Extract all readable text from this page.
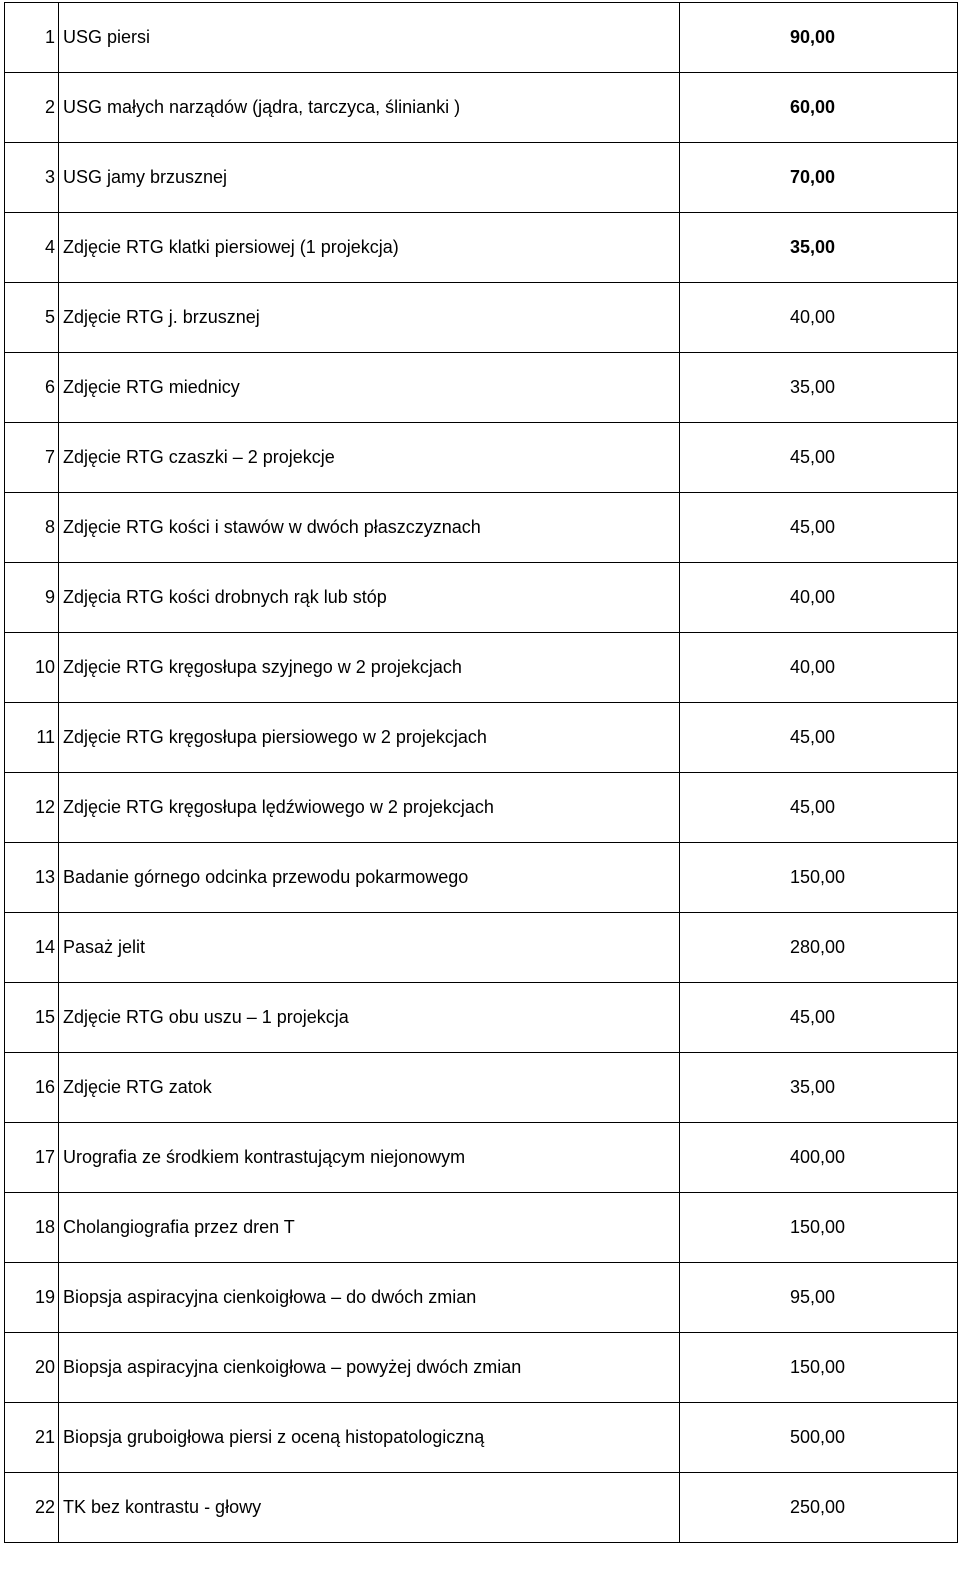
1	USG piersi	90,00
2	USG małych narządów (jądra, tarczyca, ślinianki )	60,00
3	USG jamy brzusznej	70,00
4	Zdjęcie RTG klatki piersiowej (1 projekcja)	35,00
5	Zdjęcie RTG j. brzusznej	40,00
6	Zdjęcie RTG miednicy	35,00
7	Zdjęcie RTG czaszki – 2 projekcje	45,00
8	Zdjęcie RTG kości i stawów w dwóch płaszczyznach	45,00
9	Zdjęcia RTG kości drobnych rąk lub stóp	40,00
10	Zdjęcie RTG kręgosłupa szyjnego w 2 projekcjach	40,00
11	Zdjęcie RTG kręgosłupa piersiowego w 2 projekcjach	45,00
12	Zdjęcie RTG kręgosłupa lędźwiowego w 2 projekcjach	45,00
13	Badanie górnego odcinka przewodu pokarmowego	150,00
14	Pasaż jelit	280,00
15	Zdjęcie RTG obu uszu – 1 projekcja	45,00
16	Zdjęcie RTG zatok	35,00
17	Urografia ze środkiem kontrastującym niejonowym	400,00
18	Cholangiografia przez dren T	150,00
19	Biopsja aspiracyjna cienkoigłowa – do dwóch zmian	95,00
20	Biopsja aspiracyjna cienkoigłowa – powyżej dwóch zmian	150,00
21	Biopsja gruboigłowa piersi z oceną histopatologiczną	500,00
22	TK bez kontrastu - głowy	250,00
